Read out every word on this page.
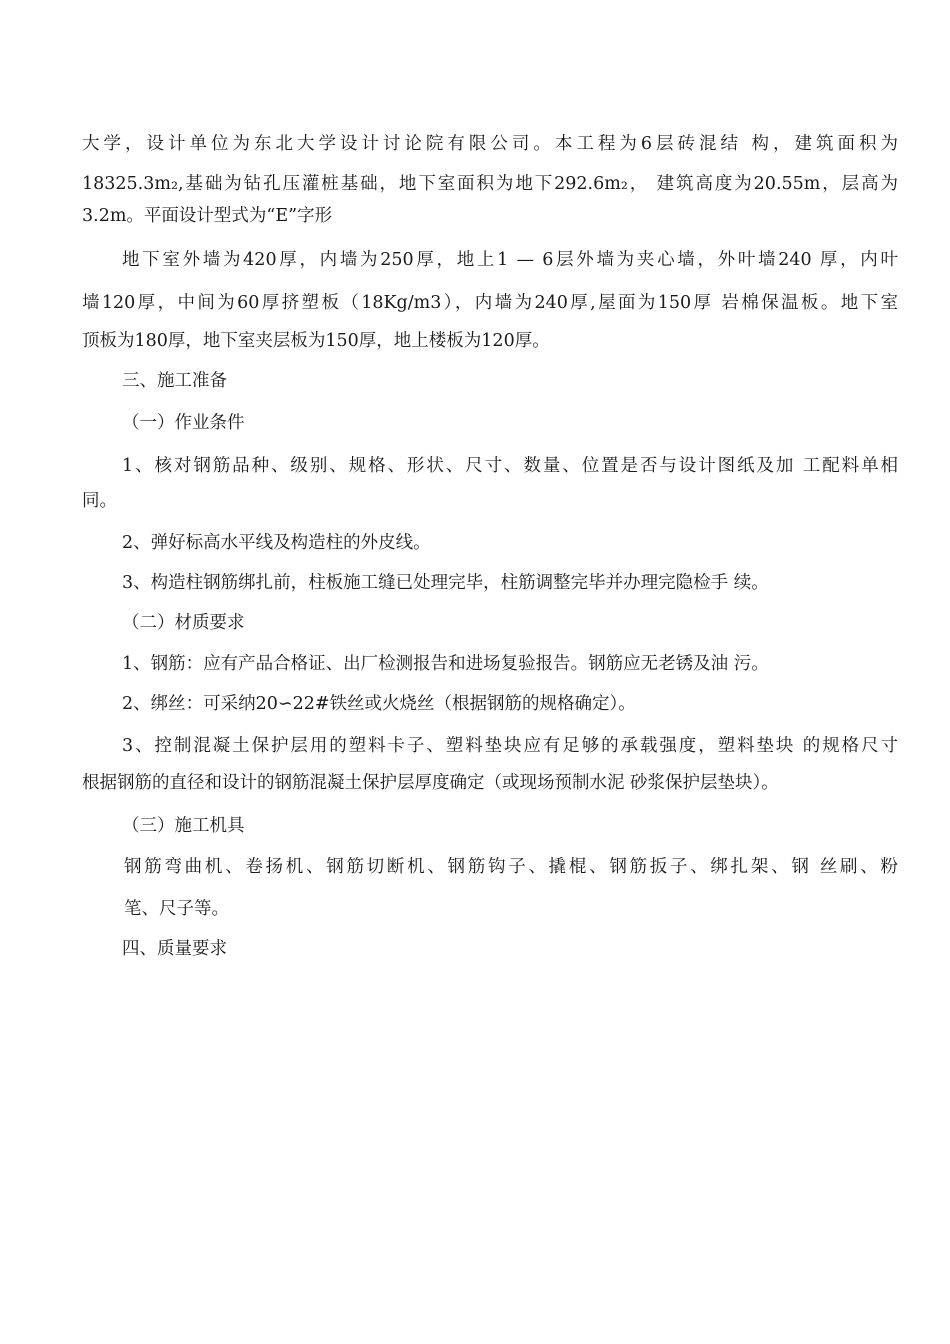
大学，设计单位为东北大学设计讨论院有限公司。本工程为6层砖混结 构，建筑面积为
18325.3m₂,基础为钻孔压灌桩基础，地下室面积为地下292.6m₂， 建筑高度为20.55m，层高为
3.2m。平面设计型式为“E”字形
地下室外墙为420厚，内墙为250厚，地上1 — 6层外墙为夹心墙，外叶墙240 厚，内叶
墙120厚，中间为60厚挤塑板（18Kg/m3），内墙为240厚,屋面为150厚 岩棉保温板。地下室
顶板为180厚，地下室夹层板为150厚，地上楼板为120厚。
三、施工准备
（一）作业条件
1、核对钢筋品种、级别、规格、形状、尺寸、数量、位置是否与设计图纸及加 工配料单相
同。
2、弹好标高水平线及构造柱的外皮线。
3、构造柱钢筋绑扎前，柱板施工缝已处理完毕，柱筋调整完毕并办理完隐检手 续。
（二）材质要求
1、钢筋：应有产品合格证、出厂检测报告和进场复验报告。钢筋应无老锈及油 污。
2、绑丝：可采纳20∽22#铁丝或火烧丝（根据钢筋的规格确定）。
3、控制混凝土保护层用的塑料卡子、塑料垫块应有足够的承载强度，塑料垫块 的规格尺寸
根据钢筋的直径和设计的钢筋混凝土保护层厚度确定（或现场预制水泥 砂浆保护层垫块）。
（三）施工机具
钢筋弯曲机、卷扬机、钢筋切断机、钢筋钩子、撬棍、钢筋扳子、绑扎架、钢 丝刷、粉
笔、尺子等。
四、质量要求
